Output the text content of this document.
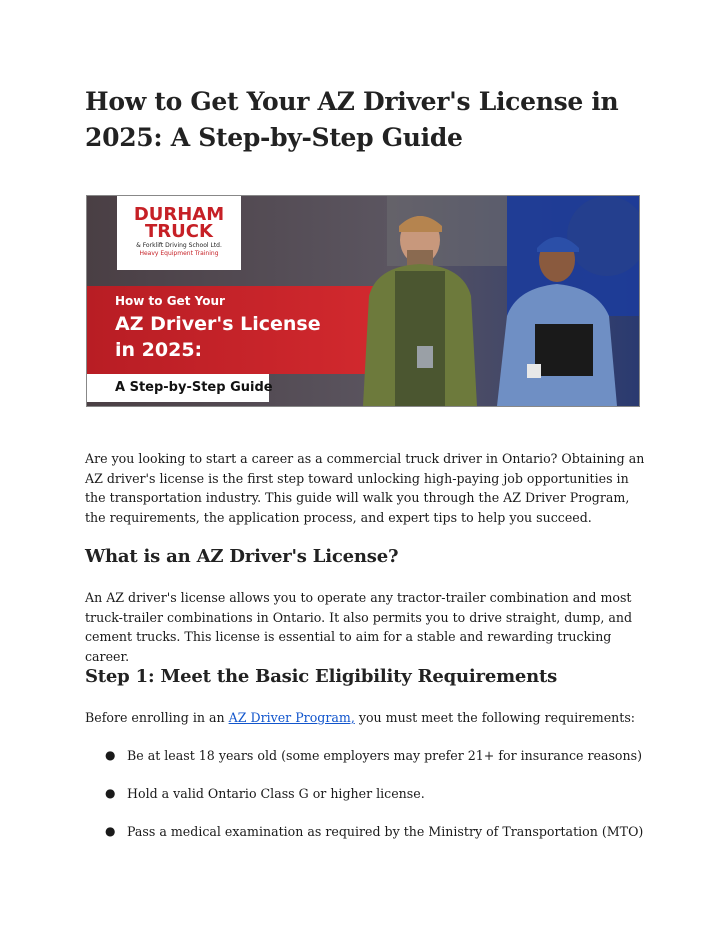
How to Get Your AZ Driver's License in 2025: A Step-by-Step Guide
DURHAM
TRUCK
& Forklift Driving School Ltd.
Heavy Equipment Training
How to Get Your
AZ Driver's License
in 2025:
A Step-by-Step Guide

Are you looking to start a career as a commercial truck driver in Ontario? Obtaining an AZ driver's license is the first step toward unlocking high-paying job opportunities in the transportation industry. This guide will walk you through the AZ Driver Program, the requirements, the application process, and expert tips to help you succeed.

What is an AZ Driver's License?

An AZ driver's license allows you to operate any tractor-trailer combination and most truck-trailer combinations in Ontario. It also permits you to drive straight, dump, and cement trucks. This license is essential to aim for a stable and rewarding trucking career.

Step 1: Meet the Basic Eligibility Requirements

Before enrolling in an AZ Driver Program, you must meet the following requirements:

● Be at least 18 years old (some employers may prefer 21+ for insurance reasons)
● Hold a valid Ontario Class G or higher license.
● Pass a medical examination as required by the Ministry of Transportation (MTO)
